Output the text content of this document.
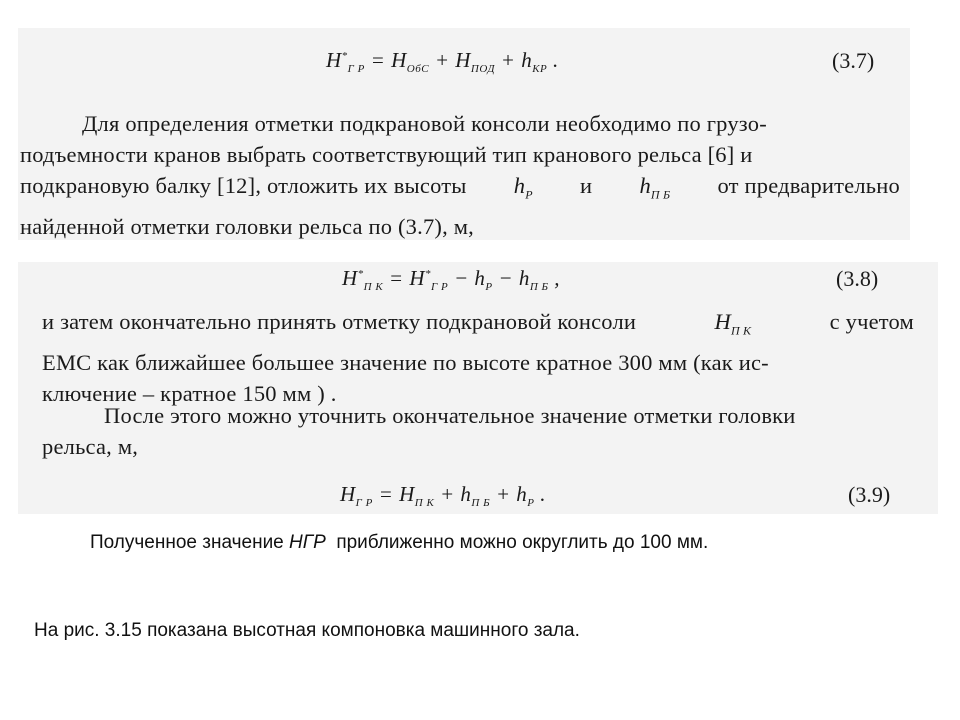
$H^*_{Г Р} = H_{ОбС} + H_{ПОД} + h_{КР}$ .	(3.7)
Для определения отметки подкрановой консоли необходимо по грузо-
подъемности кранов выбрать соответствующий тип кранового рельса [6] и
подкрановую балку [12], отложить их высоты $h_Р$ и $h_{П Б}$ от предварительно
найденной отметки головки рельса по (3.7), м,
$H^*_{П К} = H^*_{Г Р} - h_Р - h_{П Б}$ ,	(3.8)
и затем окончательно принять отметку подкрановой консоли	$H_{П К}$	с учетом
ЕМС как ближайшее большее значение по высоте кратное 300 мм (как ис-
ключение – кратное 150 мм ) .
После этого можно уточнить окончательное значение отметки головки
рельса, м,
$H_{Г Р} = H_{П К} + h_{П Б} + h_Р$ .	(3.9)
Полученное значение НГР приближенно можно округлить до 100 мм.
На рис. 3.15 показана высотная компоновка машинного зала.
